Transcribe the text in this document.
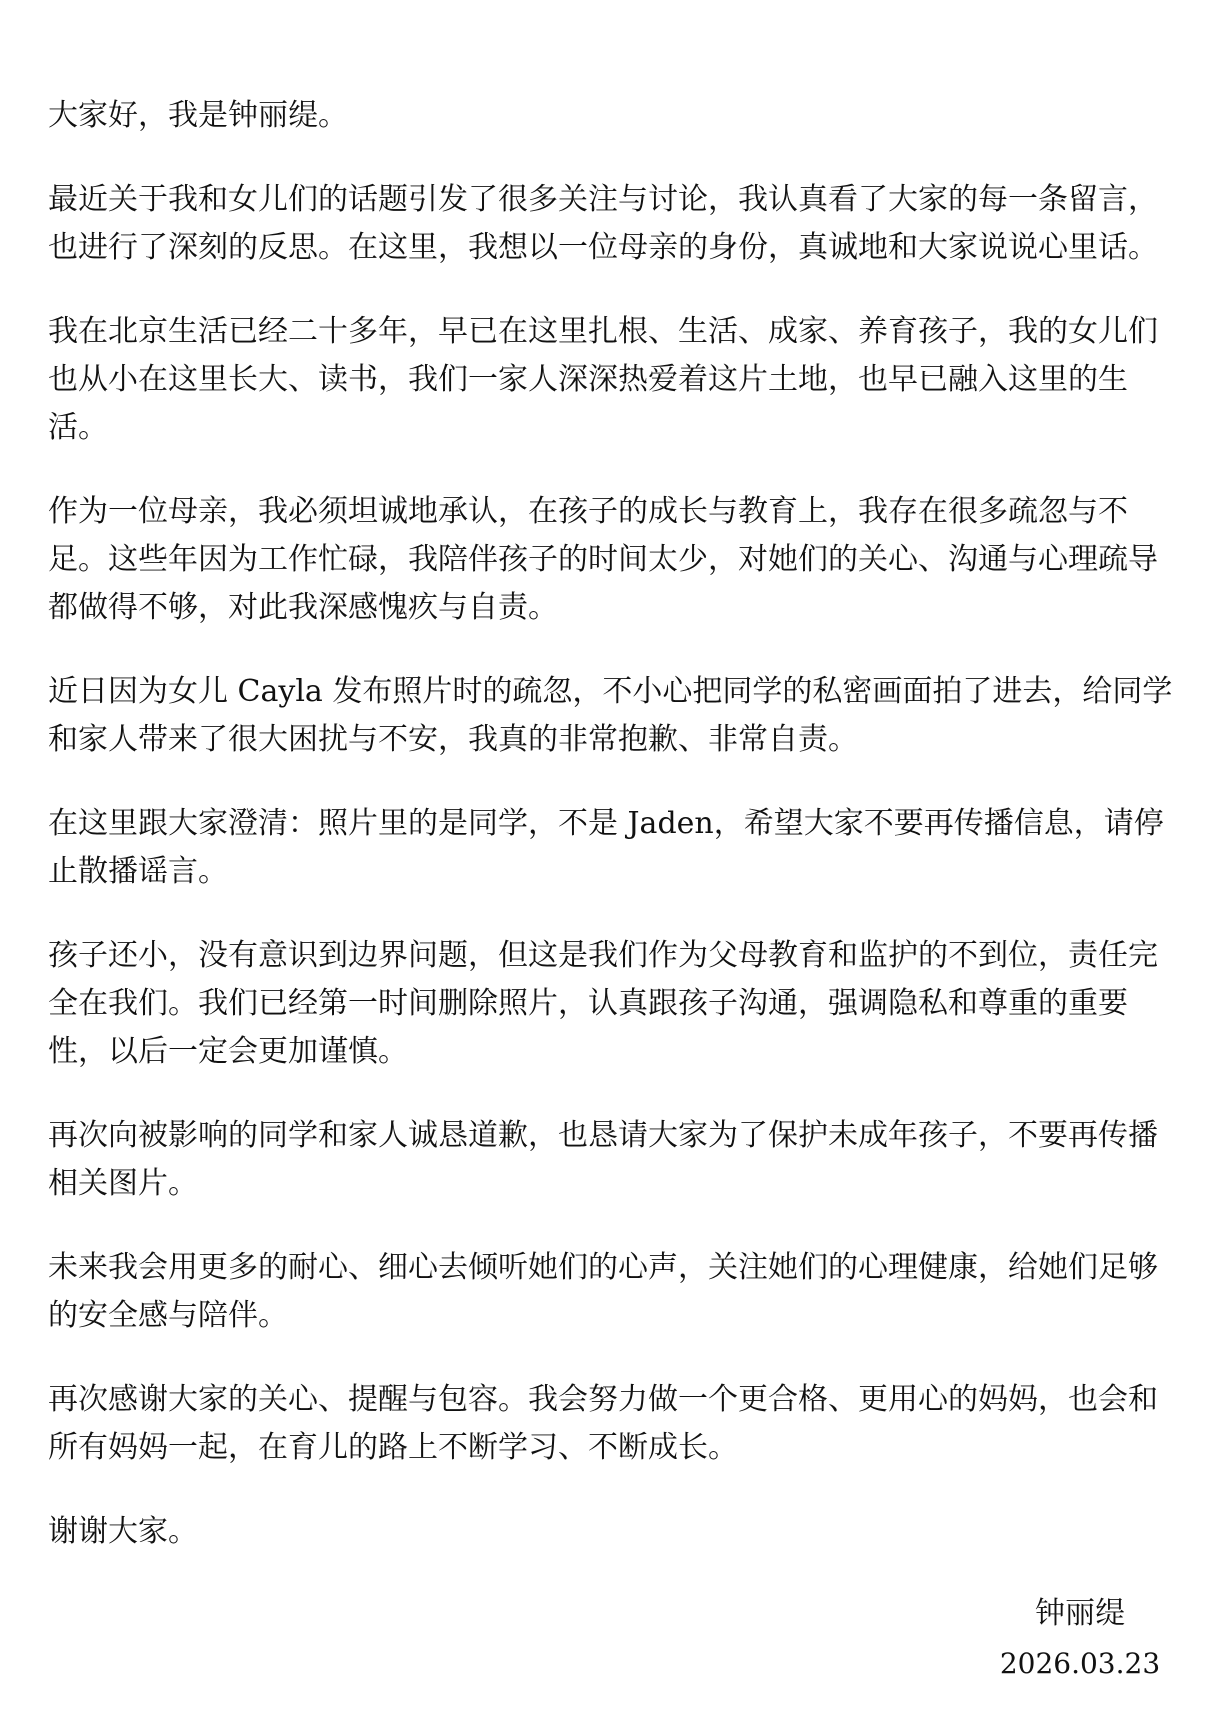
大家好，我是钟丽缇。

最近关于我和女儿们的话题引发了很多关注与讨论，我认真看了大家的每一条留言，也进行了深刻的反思。在这里，我想以一位母亲的身份，真诚地和大家说说心里话。

我在北京生活已经二十多年，早已在这里扎根、生活、成家、养育孩子，我的女儿们也从小在这里长大、读书，我们一家人深深热爱着这片土地，也早已融入这里的生活。

作为一位母亲，我必须坦诚地承认，在孩子的成长与教育上，我存在很多疏忽与不足。这些年因为工作忙碌，我陪伴孩子的时间太少，对她们的关心、沟通与心理疏导都做得不够，对此我深感愧疚与自责。

近日因为女儿 Cayla 发布照片时的疏忽，不小心把同学的私密画面拍了进去，给同学和家人带来了很大困扰与不安，我真的非常抱歉、非常自责。

在这里跟大家澄清：照片里的是同学，不是 Jaden，希望大家不要再传播信息，请停止散播谣言。

孩子还小，没有意识到边界问题，但这是我们作为父母教育和监护的不到位，责任完全在我们。我们已经第一时间删除照片，认真跟孩子沟通，强调隐私和尊重的重要性，以后一定会更加谨慎。

再次向被影响的同学和家人诚恳道歉，也恳请大家为了保护未成年孩子，不要再传播相关图片。

未来我会用更多的耐心、细心去倾听她们的心声，关注她们的心理健康，给她们足够的安全感与陪伴。

再次感谢大家的关心、提醒与包容。我会努力做一个更合格、更用心的妈妈，也会和所有妈妈一起，在育儿的路上不断学习、不断成长。

谢谢大家。

钟丽缇
2026.03.23
